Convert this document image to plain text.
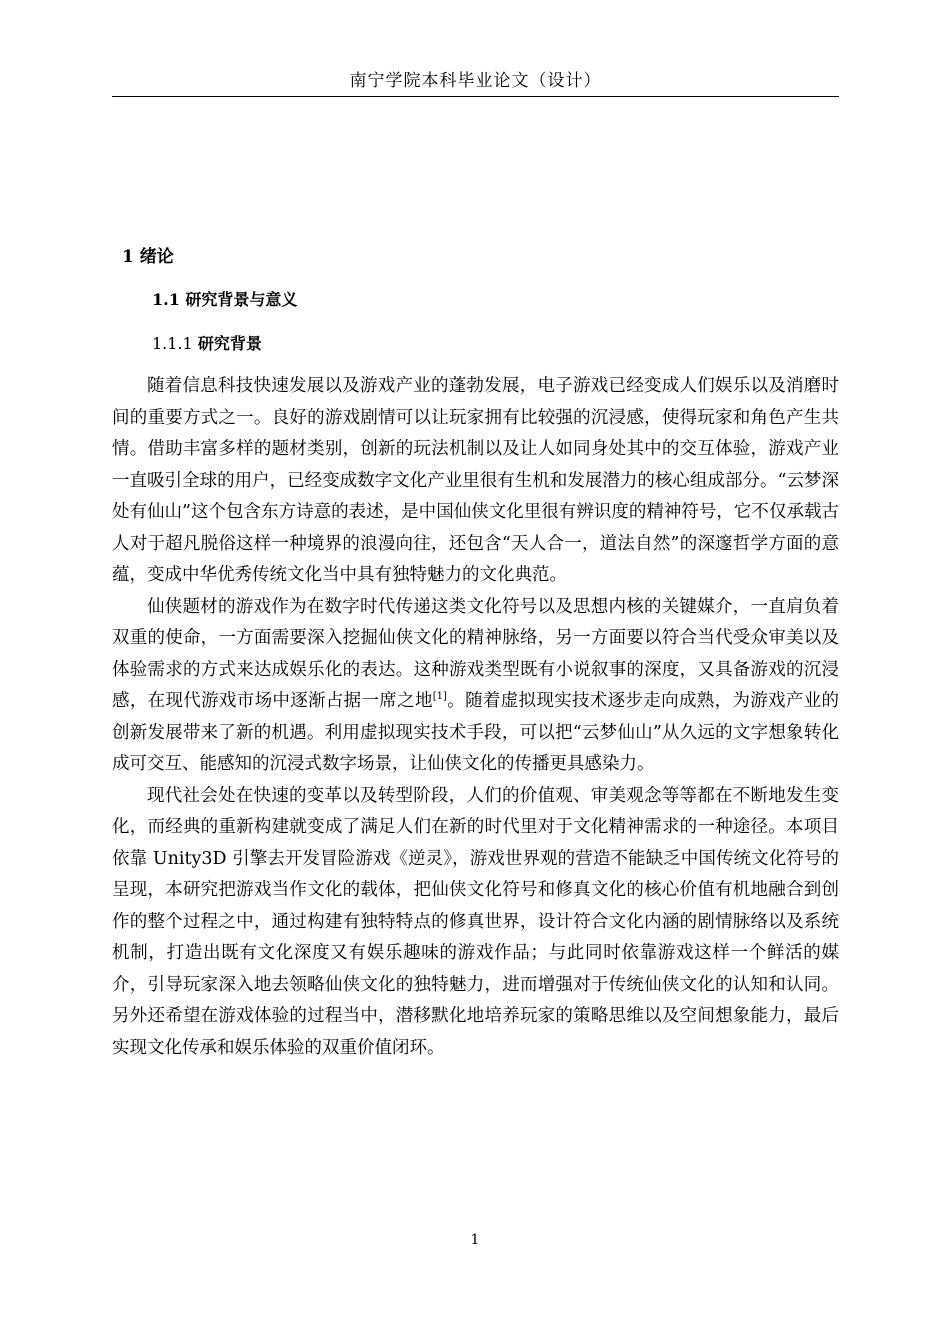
南宁学院本科毕业论文（设计）
1 绪论
1.1 研究背景与意义
1.1.1 研究背景

随着信息科技快速发展以及游戏产业的蓬勃发展，电子游戏已经变成人们娱乐以及消磨时间的重要方式之一。良好的游戏剧情可以让玩家拥有比较强的沉浸感，使得玩家和角色产生共情。借助丰富多样的题材类别，创新的玩法机制以及让人如同身处其中的交互体验，游戏产业一直吸引全球的用户，已经变成数字文化产业里很有生机和发展潜力的核心组成部分。“云梦深处有仙山”这个包含东方诗意的表述，是中国仙侠文化里很有辨识度的精神符号，它不仅承载古人对于超凡脱俗这样一种境界的浪漫向往，还包含“天人合一，道法自然”的深邃哲学方面的意蕴，变成中华优秀传统文化当中具有独特魅力的文化典范。

仙侠题材的游戏作为在数字时代传递这类文化符号以及思想内核的关键媒介，一直肩负着双重的使命，一方面需要深入挖掘仙侠文化的精神脉络，另一方面要以符合当代受众审美以及体验需求的方式来达成娱乐化的表达。这种游戏类型既有小说叙事的深度，又具备游戏的沉浸感，在现代游戏市场中逐渐占据一席之地[1]。随着虚拟现实技术逐步走向成熟，为游戏产业的创新发展带来了新的机遇。利用虚拟现实技术手段，可以把“云梦仙山”从久远的文字想象转化成可交互、能感知的沉浸式数字场景，让仙侠文化的传播更具感染力。

现代社会处在快速的变革以及转型阶段，人们的价值观、审美观念等等都在不断地发生变化，而经典的重新构建就变成了满足人们在新的时代里对于文化精神需求的一种途径。本项目依靠 Unity3D 引擎去开发冒险游戏《逆灵》，游戏世界观的营造不能缺乏中国传统文化符号的呈现，本研究把游戏当作文化的载体，把仙侠文化符号和修真文化的核心价值有机地融合到创作的整个过程之中，通过构建有独特特点的修真世界，设计符合文化内涵的剧情脉络以及系统机制，打造出既有文化深度又有娱乐趣味的游戏作品；与此同时依靠游戏这样一个鲜活的媒介，引导玩家深入地去领略仙侠文化的独特魅力，进而增强对于传统仙侠文化的认知和认同。另外还希望在游戏体验的过程当中，潜移默化地培养玩家的策略思维以及空间想象能力，最后实现文化传承和娱乐体验的双重价值闭环。

1
